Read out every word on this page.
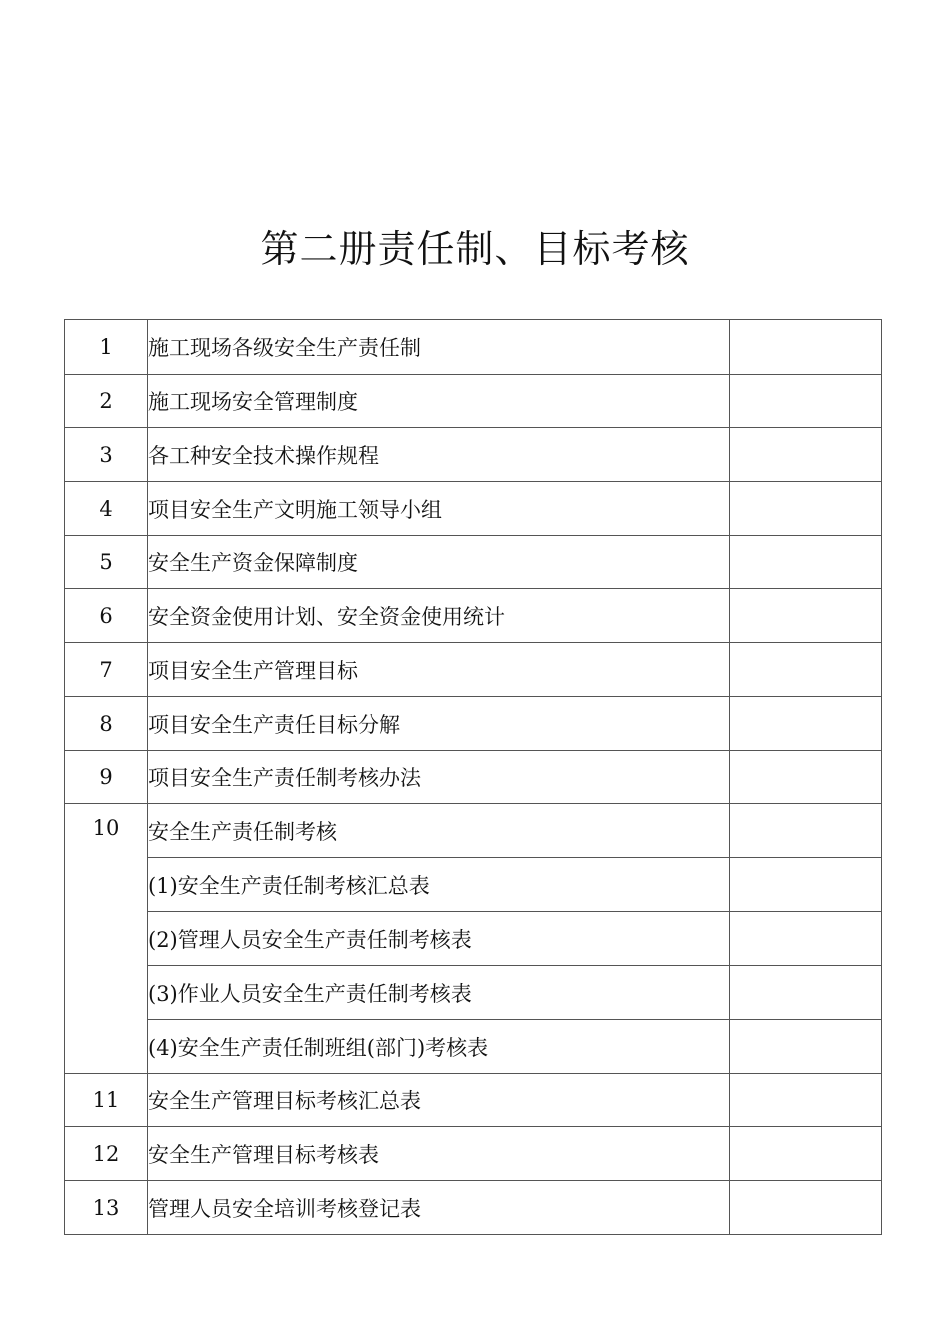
第二册责任制、目标考核
1	施工现场各级安全生产责任制	
2	施工现场安全管理制度	
3	各工种安全技术操作规程	
4	项目安全生产文明施工领导小组	
5	安全生产资金保障制度	
6	安全资金使用计划、安全资金使用统计	
7	项目安全生产管理目标	
8	项目安全生产责任目标分解	
9	项目安全生产责任制考核办法	
10	安全生产责任制考核	
	(1)安全生产责任制考核汇总表	
	(2)管理人员安全生产责任制考核表	
	(3)作业人员安全生产责任制考核表	
	(4)安全生产责任制班组(部门)考核表	
11	安全生产管理目标考核汇总表	
12	安全生产管理目标考核表	
13	管理人员安全培训考核登记表	
